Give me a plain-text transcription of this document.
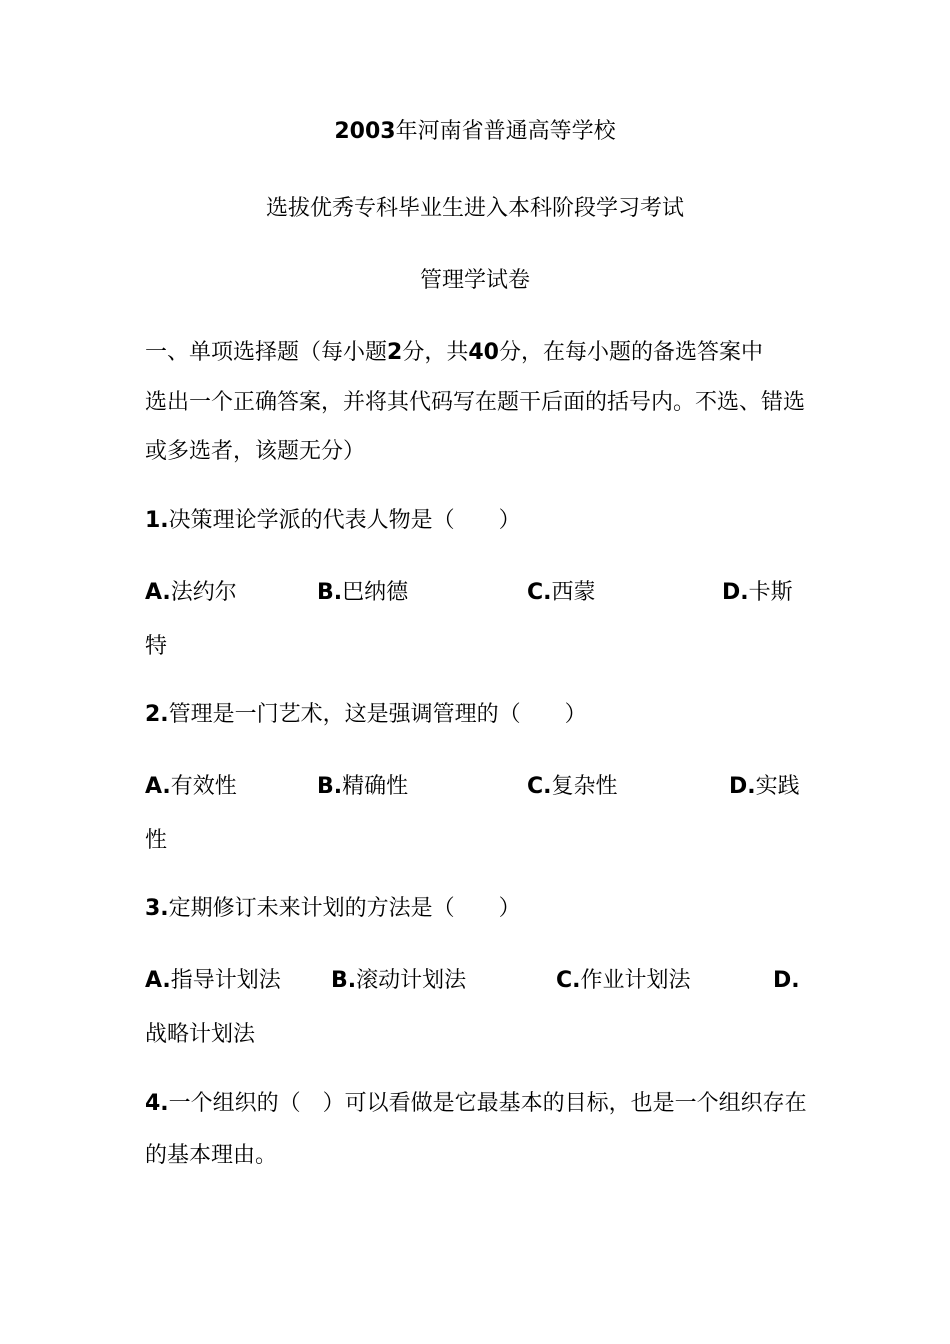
2003年河南省普通高等学校
选拔优秀专科毕业生进入本科阶段学习考试
管理学试卷
一、单项选择题（每小题2分，共40分，在每小题的备选答案中
选出一个正确答案，并将其代码写在题干后面的括号内。不选、错选
或多选者，该题无分）
1.决策理论学派的代表人物是（　　）
A.法约尔	B.巴纳德	C.西蒙	D.卡斯
特
2.管理是一门艺术，这是强调管理的（　　）
A.有效性	B.精确性	C.复杂性	D.实践
性
3.定期修订未来计划的方法是（　　）
A.指导计划法 B.滚动计划法	C.作业计划法	D.
战略计划法
4.一个组织的（　）可以看做是它最基本的目标，也是一个组织存在
的基本理由。
